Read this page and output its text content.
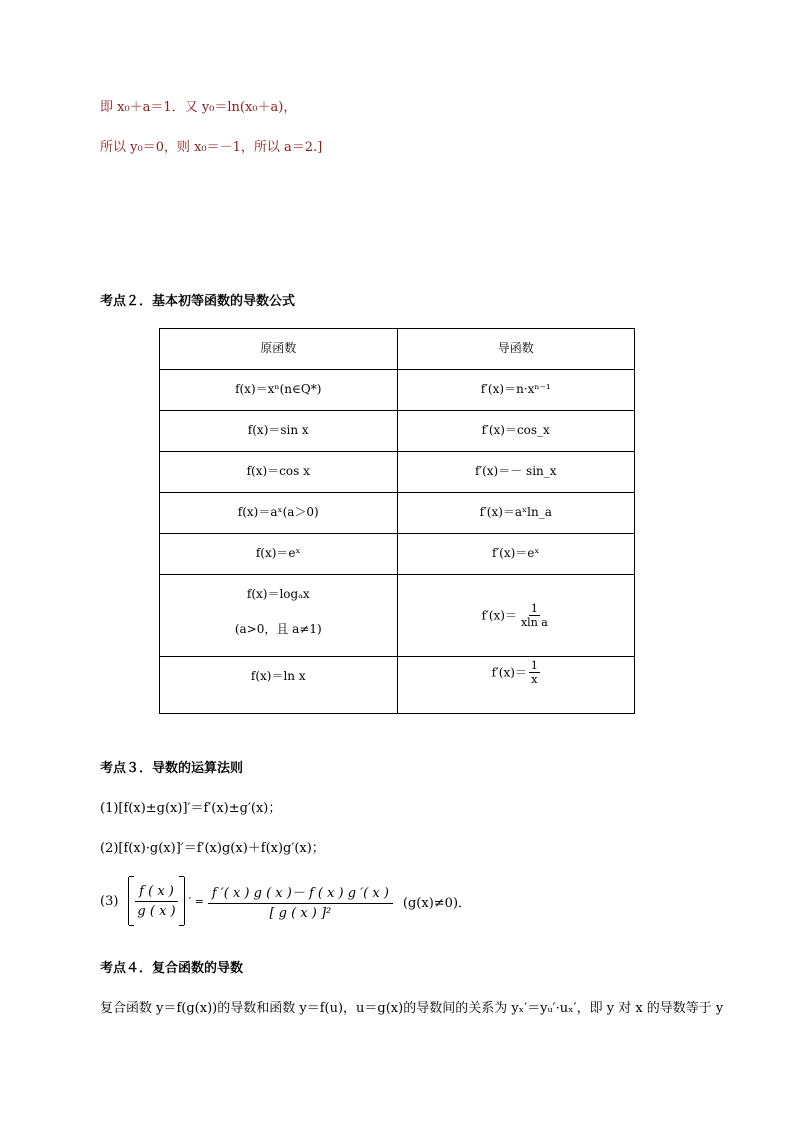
即 x₀＋a＝1．又 y₀＝ln(x₀＋a)，
所以 y₀＝0，则 x₀＝－1，所以 a＝2.]
考点２．基本初等函数的导数公式
原函数	导函数

f(x)＝xⁿ(n∈Q*)	f′(x)＝n·xⁿ⁻¹

f(x)＝sin x	f′(x)＝cos_x

f(x)＝cos x	f′(x)＝－ sin_x

f(x)＝aˣ(a＞0)	f′(x)＝aˣln_a

f(x)＝eˣ	f′(x)＝eˣ

f(x)＝logₐx
(a>0，且 a≠1)	$f'(x)= \frac{1}{\text{xln a}}$

f(x)＝ln x	$f'(x)= \frac{1}{x}$
考点３．导数的运算法则
(1)[f(x)±g(x)]′＝f′(x)±g′(x)；
(2)[f(x)·g(x)]′＝f′(x)g(x)＋f(x)g′(x)；
$(3) \frac{f ( x )}{g ( x )}$ ′ = $\frac{f '( x ) g ( x )- f ( x ) g '( x )}{\text{[ g ( x ) ]²}} (g(x)\ne 0)$．
考点４．复合函数的导数
复合函数 y＝f(g(x))的导数和函数 y＝f(u)，u＝g(x)的导数间的关系为 yₓ′＝yᵤ′·uₓ′，即 y 对 x 的导数等于 y
